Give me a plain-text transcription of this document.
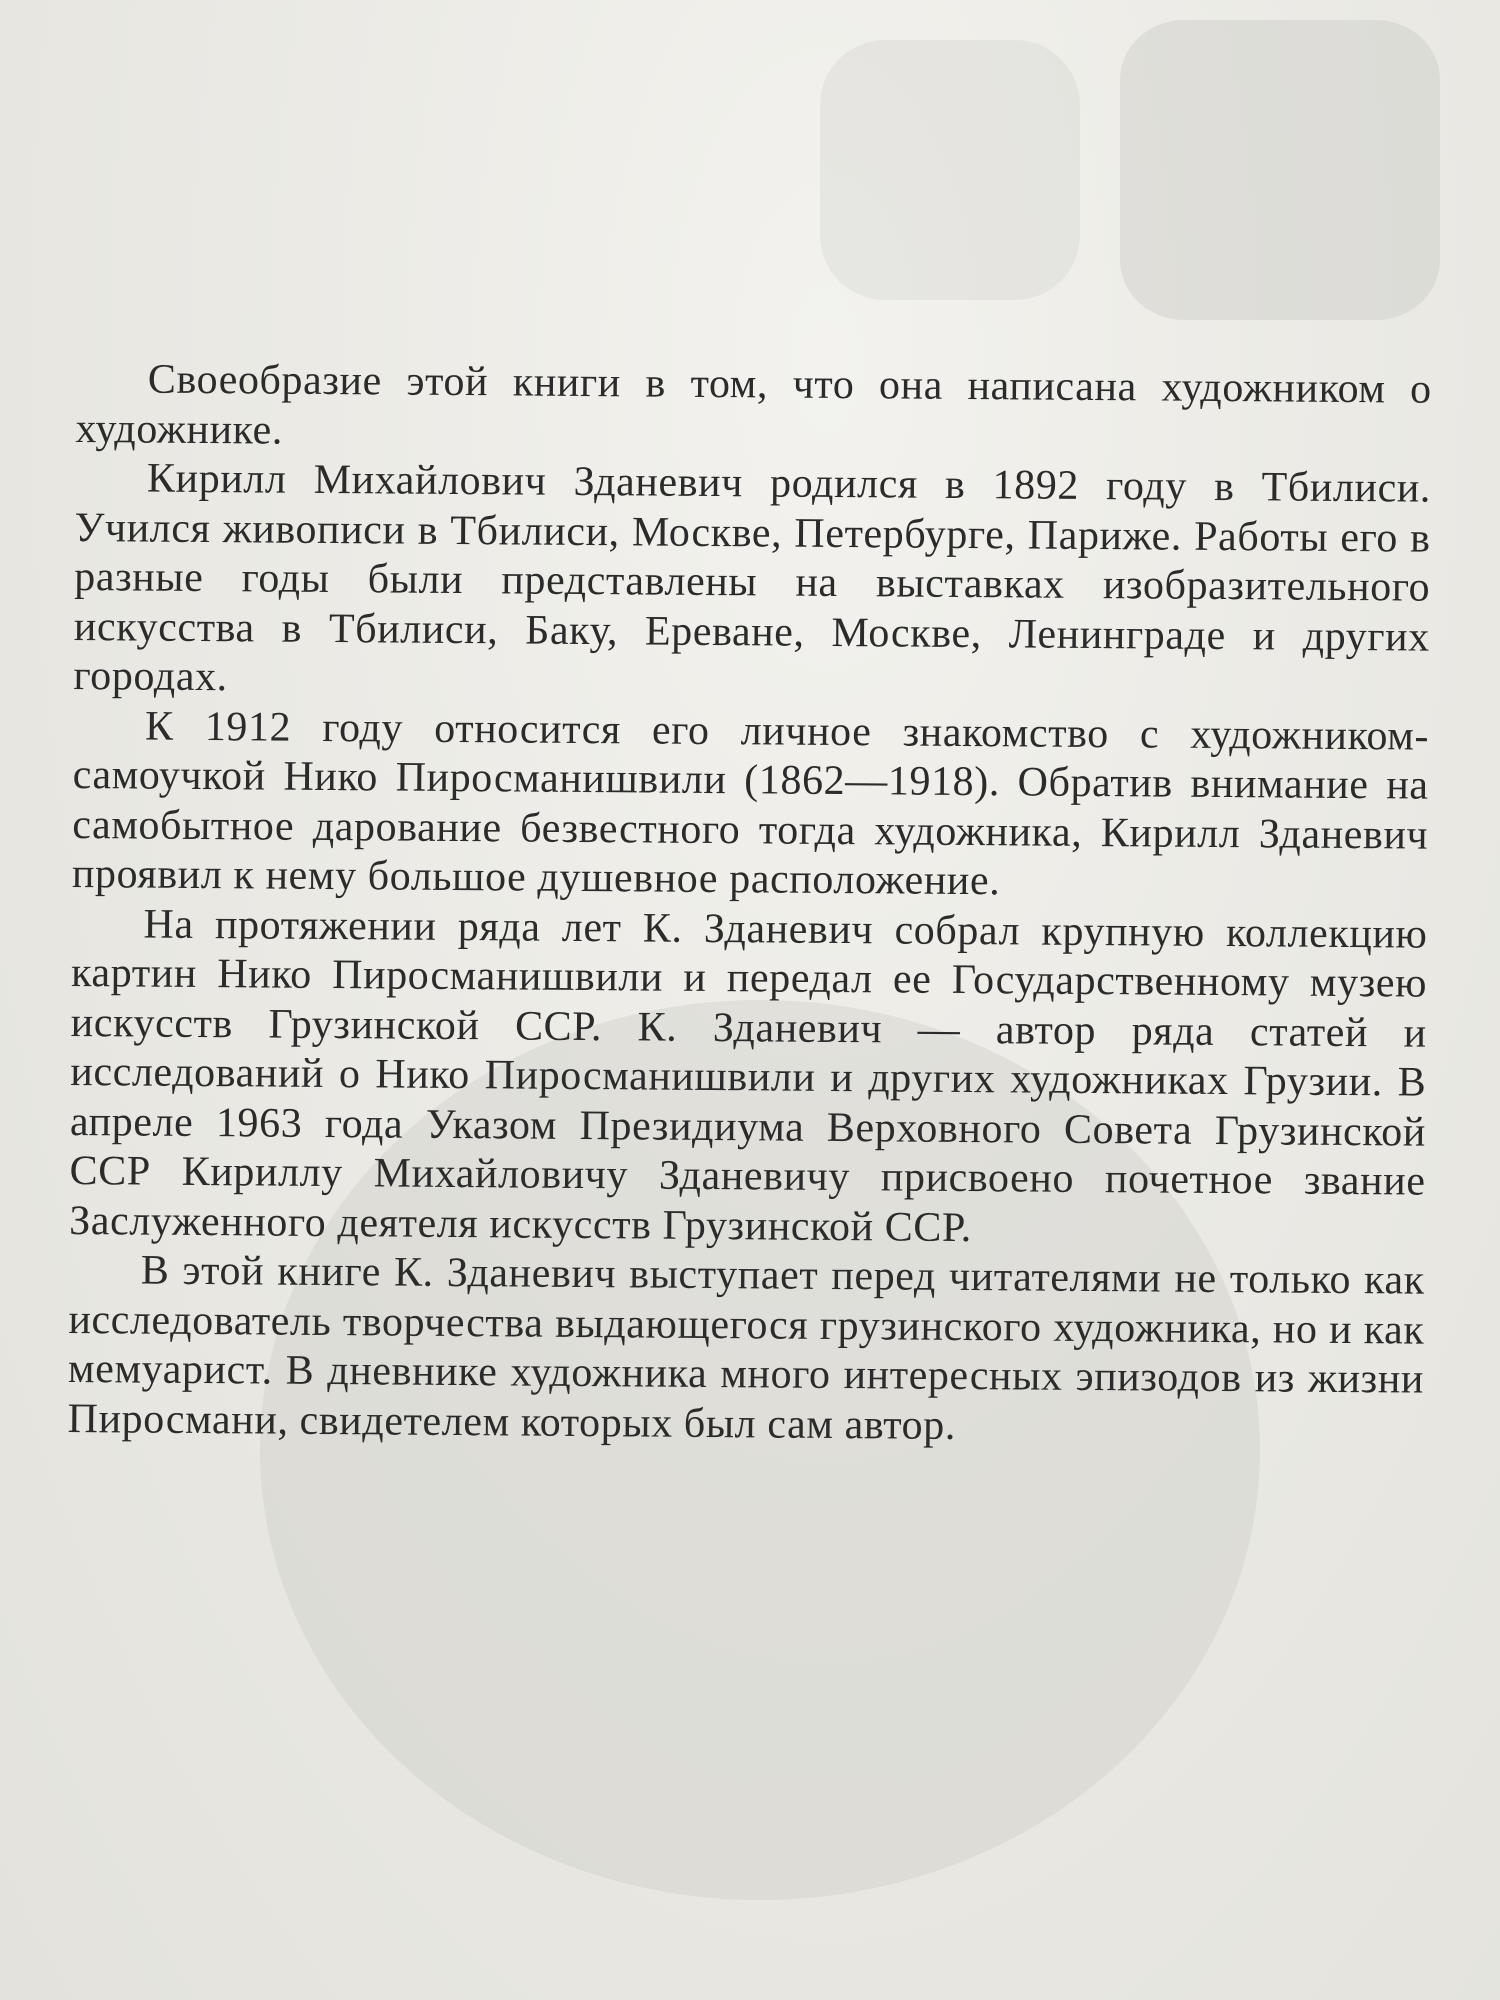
Своеобразие этой книги в том, что она написана художником о художнике.

Кирилл Михайлович Зданевич родился в 1892 году в Тбилиси. Учился живописи в Тбилиси, Москве, Петербурге, Париже. Работы его в разные годы были представлены на выставках изобразительного искусства в Тбилиси, Баку, Ереване, Москве, Ленинграде и других городах.

К 1912 году относится его личное знакомство с художником-самоучкой Нико Пиросманишвили (1862—1918). Обратив внимание на самобытное дарование безвестного тогда художника, Кирилл Зданевич проявил к нему большое душевное расположение.

На протяжении ряда лет К. Зданевич собрал крупную коллекцию картин Нико Пиросманишвили и передал ее Государственному музею искусств Грузинской ССР. К. Зданевич — автор ряда статей и исследований о Нико Пиросманишвили и других художниках Грузии. В апреле 1963 года Указом Президиума Верховного Совета Грузинской ССР Кириллу Михайловичу Зданевичу присвоено почетное звание Заслуженного деятеля искусств Грузинской ССР.

В этой книге К. Зданевич выступает перед читателями не только как исследователь творчества выдающегося грузинского художника, но и как мемуарист. В дневнике художника много интересных эпизодов из жизни Пиросмани, свидетелем которых был сам автор.
